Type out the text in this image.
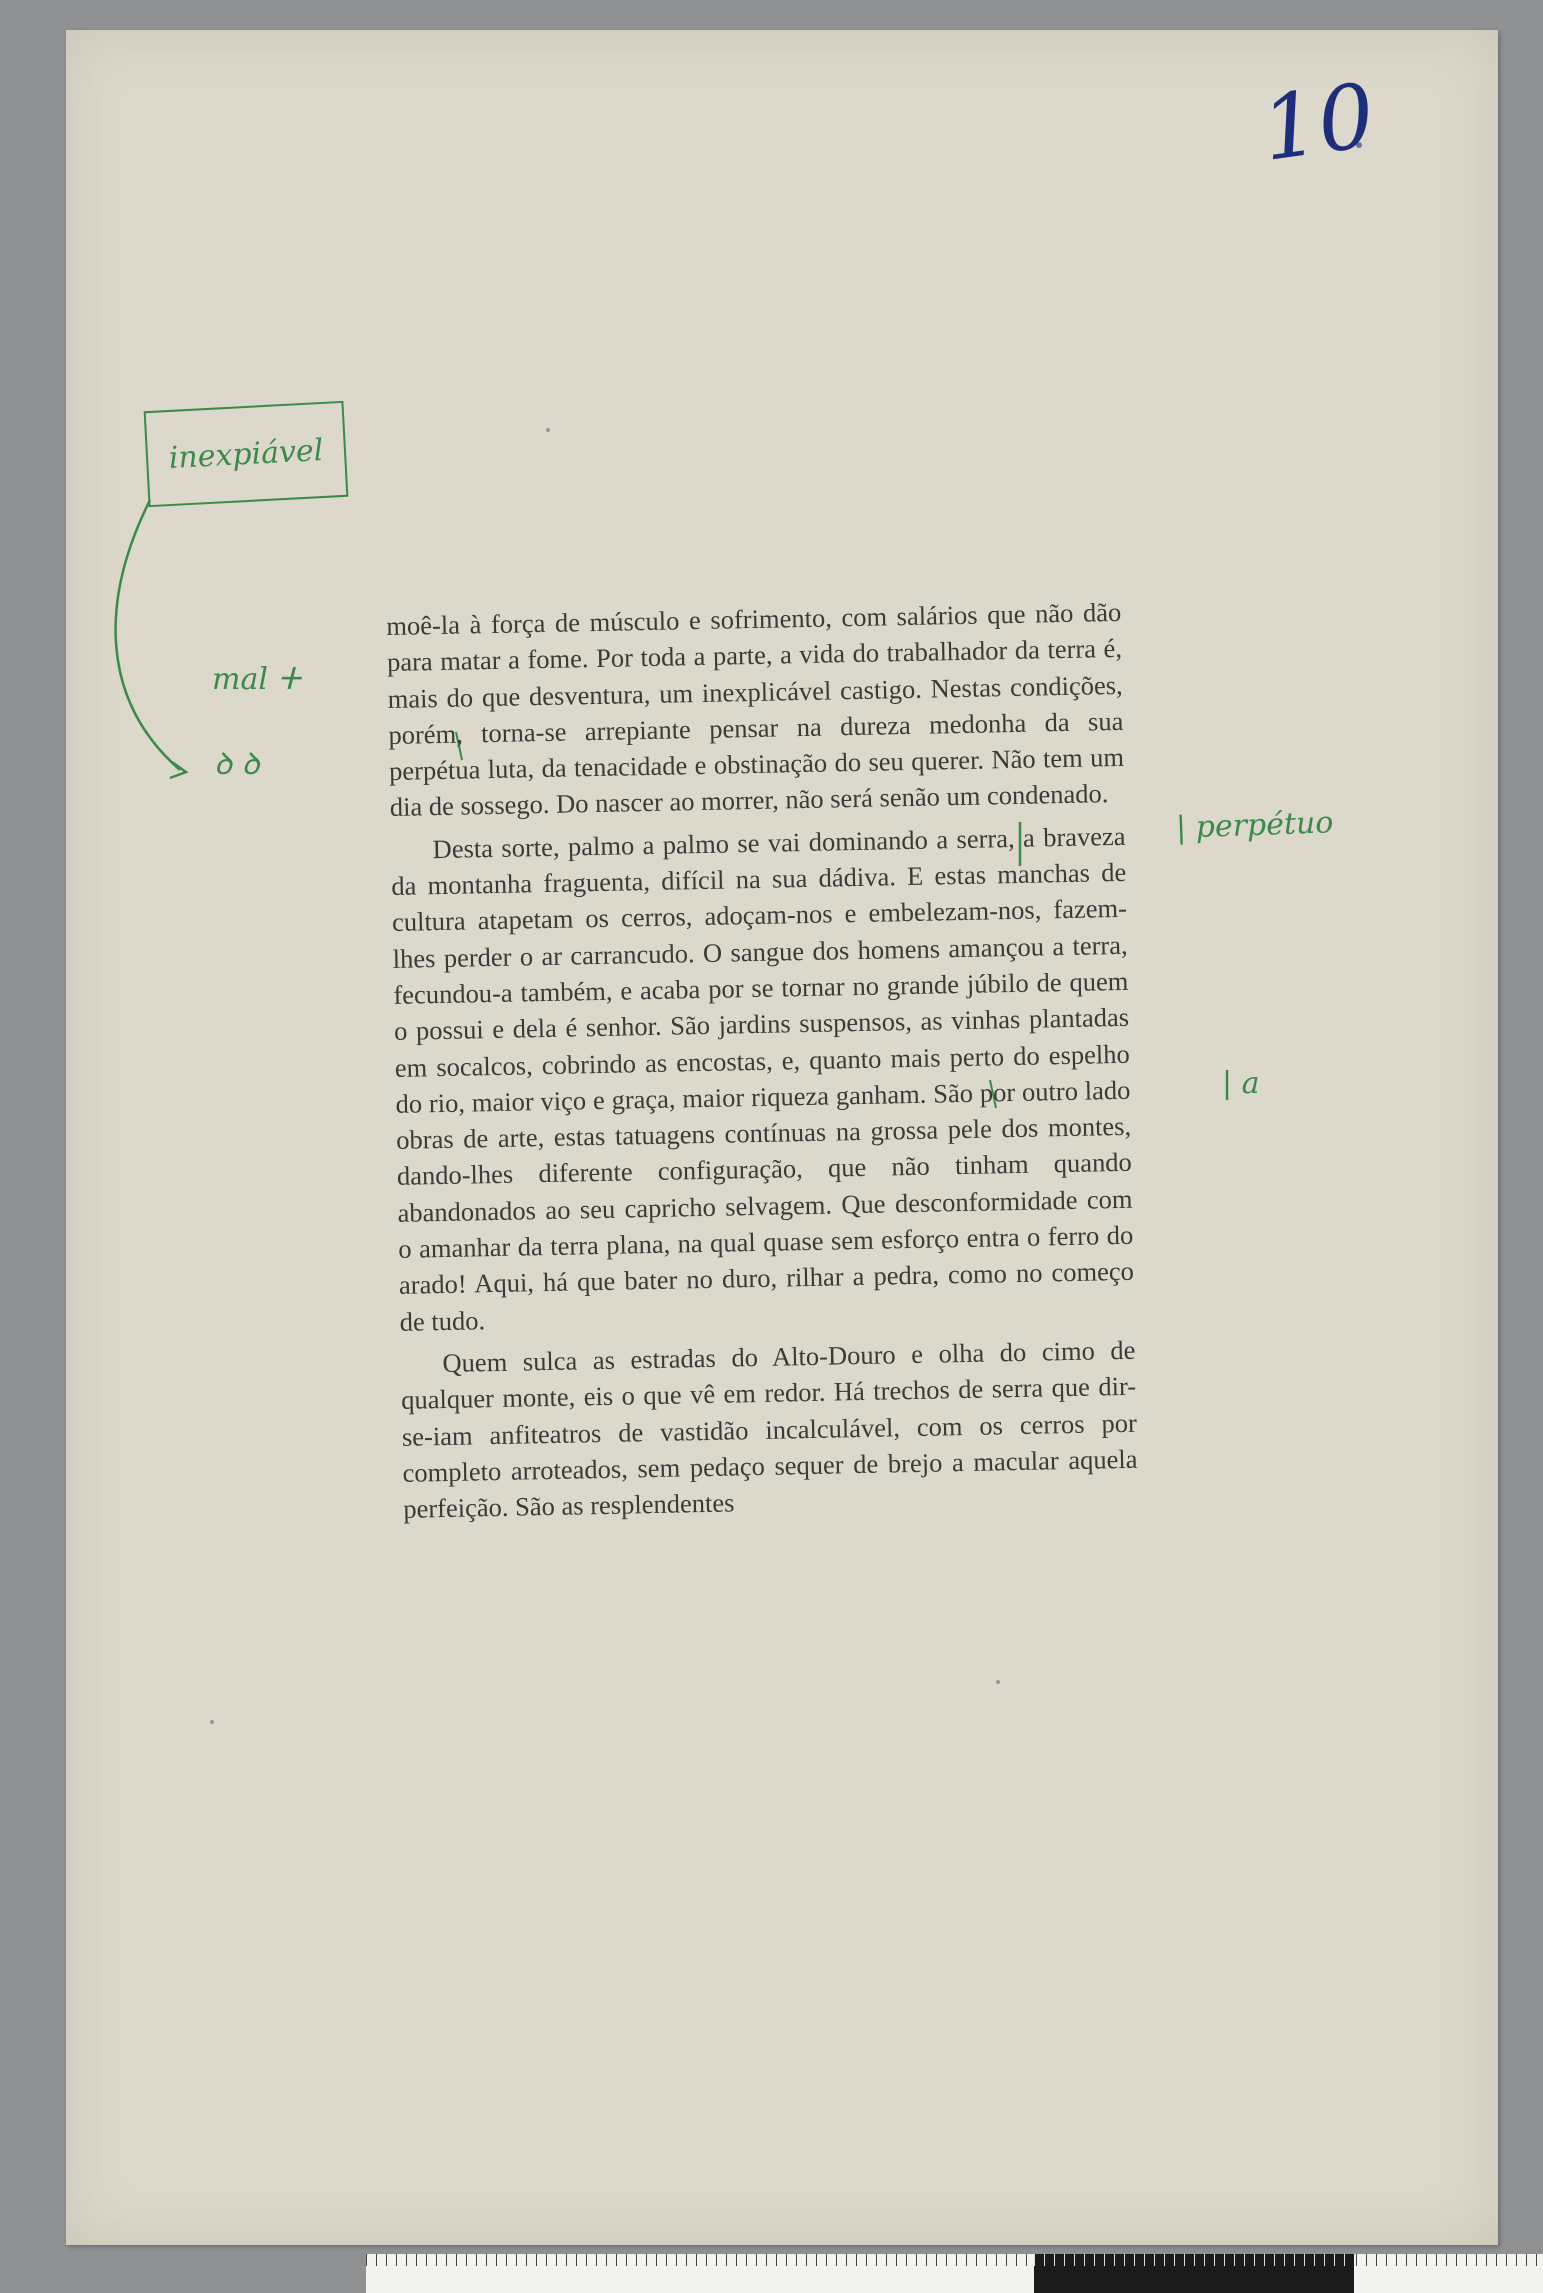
10
inexpiável
mal ⵜ
ꝺ ꝺ
| perpétuo
| a

moê-la à força de músculo e sofrimento, com salários que não dão para matar a fome. Por toda a parte, a vida do trabalhador da terra é, mais do que desventura, um inexplicável castigo. Nestas condições, porém, torna-se arrepiante pensar na dureza medonha da sua perpétua luta, da tenacidade e obstinação do seu querer. Não tem um dia de sossego. Do nascer ao morrer, não será senão um condenado.

Desta sorte, palmo a palmo se vai dominando a serra, a braveza da montanha fraguenta, difícil na sua dádiva. E estas manchas de cultura atapetam os cerros, adoçam-nos e embelezam-nos, fazem-lhes perder o ar carrancudo. O sangue dos homens amançou a terra, fecundou-a também, e acaba por se tornar no grande júbilo de quem o possui e dela é senhor. São jardins suspensos, as vinhas plantadas em socalcos, cobrindo as encostas, e, quanto mais perto do espelho do rio, maior viço e graça, maior riqueza ganham. São por outro lado obras de arte, estas tatuagens contínuas na grossa pele dos montes, dando-lhes diferente configuração, que não tinham quando abandonados ao seu capricho selvagem. Que desconformidade com o amanhar da terra plana, na qual quase sem esforço entra o ferro do arado! Aqui, há que bater no duro, rilhar a pedra, como no começo de tudo.

Quem sulca as estradas do Alto-Douro e olha do cimo de qualquer monte, eis o que vê em redor. Há trechos de serra que dir-se-iam anfiteatros de vastidão incalculável, com os cerros por completo arroteados, sem pedaço sequer de brejo a macular aquela perfeição. São as resplendentes
